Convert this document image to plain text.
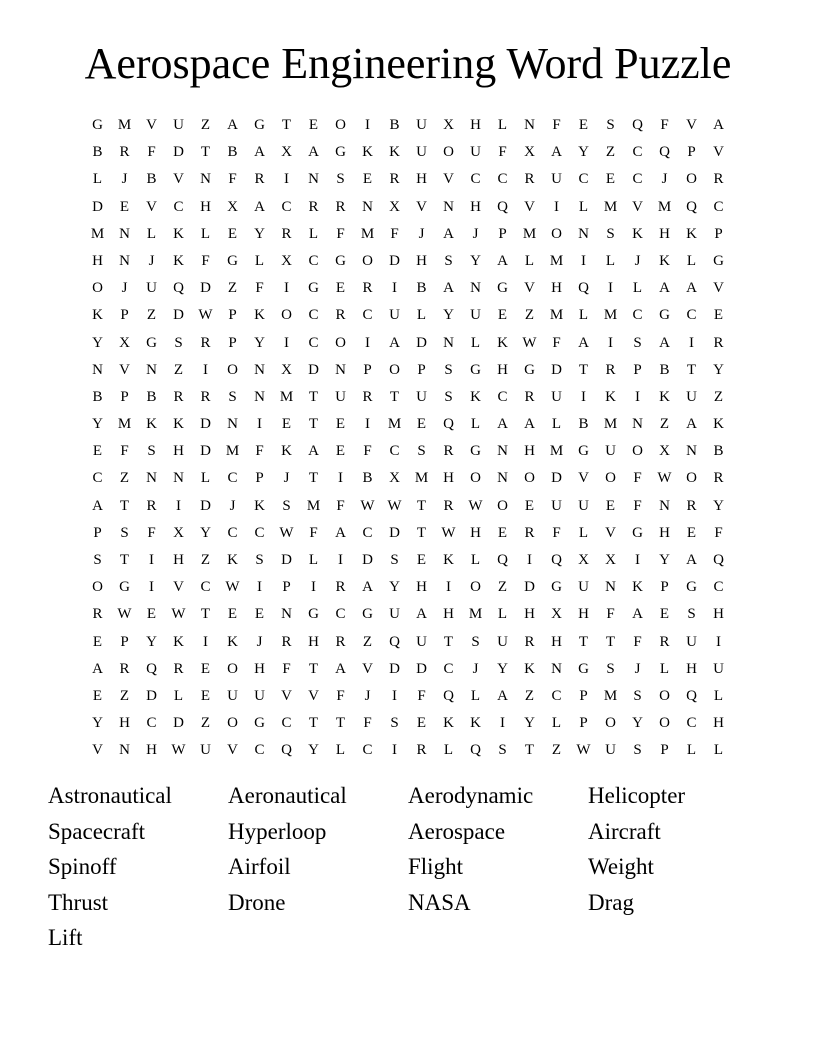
Aerospace Engineering Word Puzzle
G M V	U	Z	A	G	T	E	O	I	B	U	X	H	L	N	F	E	S	Q	F	V	A
B	R	F	D	T	B	A	X	A	G	K	K	U	O	U	F	X	A	Y	Z	C	Q	P	V
L	J	B	V	N	F	R	I	N	S	E	R	H	V	C	C	R	U	C	E	C	J	O	R
D	E	V	C	H	X	A	C	R	R	N	X	V	N	H	Q	V	I	L	M V M Q	C
M N	L	K	L	E	Y	R	L	F	M	F	J	A	J	P	M O	N	S	K	H	K	P
H	N	J	K	F	G	L	X	C	G	O	D	H	S	Y	A	L	M	I	L	J	K	L	G
O	J	U	Q	D	Z	F	I	G	E	R	I	B	A	N	G	V	H	Q	I	L	A	A	V
K	P	Z	D W	P	K	O	C	R	C	U	L	Y	U	E	Z	M	L	M	C	G	C	E
Y	X	G	S	R	P	Y	I	C	O	I	A	D	N	L	K W	F	A	I	S	A	I	R
N	V	N	Z	I	O	N	X	D	N	P	O	P	S	G	H	G	D	T	R	P	B	T	Y
B	P	B	R	R	S	N M	T	U	R	T	U	S	K	C	R	U	I	K	I	K	U	Z
Y M K	K	D	N	I	E	T	E	I	M	E	Q	L	A	A	L	B	M N	Z	A	K
E	F	S	H	D M	F	K	A	E	F	C	S	R	G	N	H M G	U	O	X	N	B
C	Z	N	N	L	C	P	J	T	I	B	X M H	O	N	O	D	V	O	F	W O	R
A	T	R	I	D	J	K	S	M	F	W W	T	R W O	E	U	U	E	F	N	R	Y
P	S	F	X	Y	C	C W	F	A	C	D	T	W H	E	R	F	L	V	G	H	E	F
S	T	I	H	Z	K	S	D	L	I	D	S	E	K	L	Q	I	Q	X	X	I	Y	A	Q
O	G	I	V	C W	I	P	I	R	A	Y	H	I	O	Z	D	G	U	N	K	P	G	C
R W	E	W	T	E	E	N	G	C	G	U	A	H M	L	H	X	H	F	A	E	S	H
E	P	Y	K	I	K	J	R	H	R	Z	Q	U	T	S	U	R	H	T	T	F	R	U	I
A	R	Q	R	E	O	H	F	T	A	V	D	D	C	J	Y	K	N	G	S	J	L	H	U
E	Z	D	L	E	U	U	V	V	F	J	I	F	Q	L	A	Z	C	P	M	S	O	Q	L
Y	H	C	D	Z	O	G	C	T	T	F	S	E	K	K	I	Y	L	P	O	Y	O	C	H
V	N	H W U	V	C	Q	Y	L	C	I	R	L	Q	S	T	Z	W U	S	P	L	L
Astronautical	Aeronautical	Aerodynamic	Helicopter
Spacecraft	Hyperloop	Aerospace	Aircraft
Spinoff	Airfoil	Flight	Weight
Thrust	Drone	NASA	Drag
Lift
